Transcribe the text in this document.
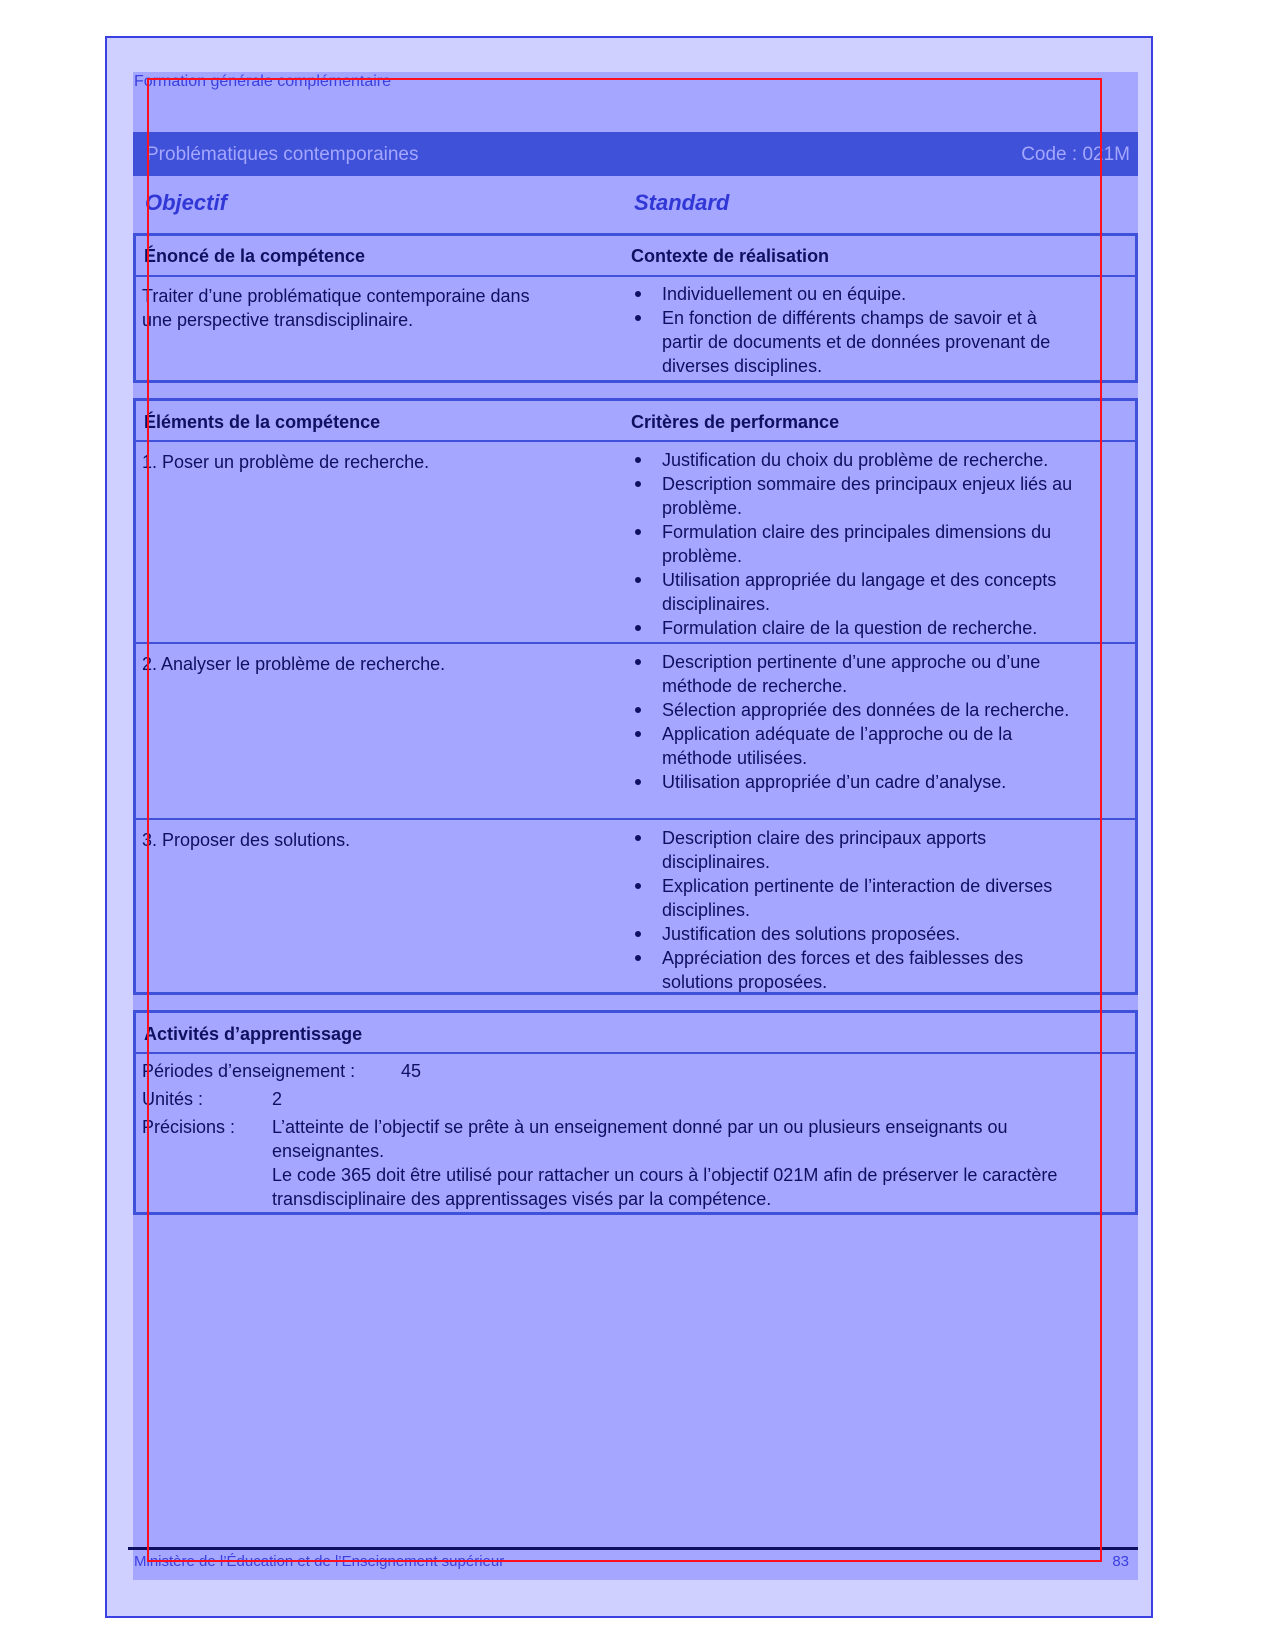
Formation générale complémentaire
Problématiques contemporaines	Code : 021M
Objectif	Standard
Énoncé de la compétence	Contexte de réalisation
Traiter d’une problématique contemporaine dans
une perspective transdisciplinaire.
Individuellement ou en équipe.
En fonction de différents champs de savoir et à partir de documents et de données provenant de diverses disciplines.
Éléments de la compétence	Critères de performance
1. Poser un problème de recherche.	Justification du choix du problème de recherche.
Description sommaire des principaux enjeux liés au problème.
Formulation claire des principales dimensions du problème.
Utilisation appropriée du langage et des concepts disciplinaires.
Formulation claire de la question de recherche.
2. Analyser le problème de recherche.	Description pertinente d’une approche ou d’une méthode de recherche.
Sélection appropriée des données de la recherche.
Application adéquate de l’approche ou de la méthode utilisées.
Utilisation appropriée d’un cadre d’analyse.
3. Proposer des solutions.	Description claire des principaux apports disciplinaires.
Explication pertinente de l’interaction de diverses disciplines.
Justification des solutions proposées.
Appréciation des forces et des faiblesses des solutions proposées.
Activités d’apprentissage
Périodes d’enseignement :	45
Unités :	2
Précisions : L’atteinte de l’objectif se prête à un enseignement donné par un ou plusieurs enseignants ou enseignantes.
Le code 365 doit être utilisé pour rattacher un cours à l’objectif 021M afin de préserver le caractère transdisciplinaire des apprentissages visés par la compétence.
Ministère de l’Éducation et de l’Enseignement supérieur	83
